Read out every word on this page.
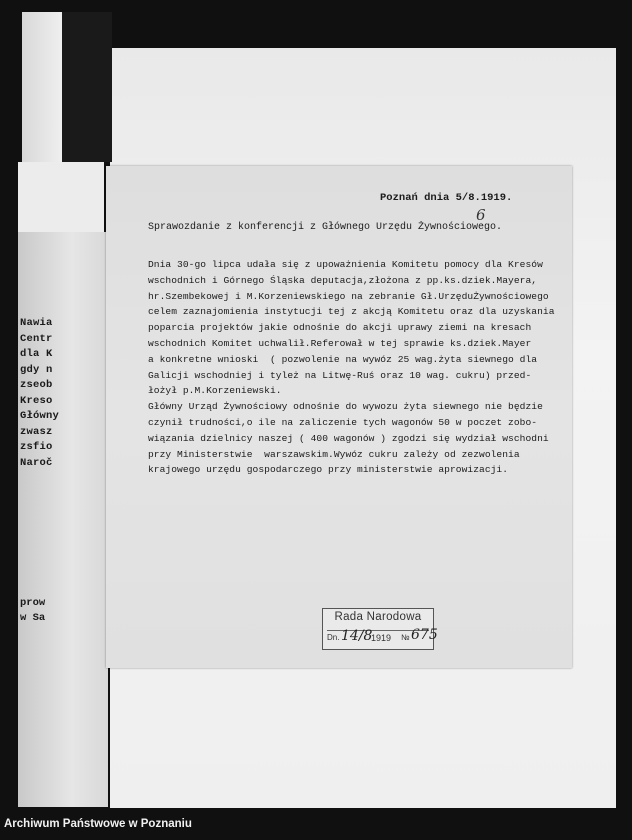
Nawia
Centr
dla K
gdy n
zseob
Kreso
Główny
zwasz
zsfio
Naroč
prow
w Sa
Poznań dnia 5/8.1919.
6
Sprawozdanie z konferencji z Głównego Urzędu Żywnościowego.
Dnia 30-go lipca udała się z upoważnienia Komitetu pomocy dla Kresów
wschodnich i Górnego Śląska deputacja,złożona z pp.ks.dziek.Mayera,
hr.Szembekowej i M.Korzeniewskiego na zebranie Gł.UrzęduŻywnościowego
celem zaznajomienia instytucji tej z akcją Komitetu oraz dla uzyskania
poparcia projektów jakie odnośnie do akcji uprawy ziemi na kresach
wschodnich Komitet uchwalił.Referował w tej sprawie ks.dziek.Mayer
a konkretne wnioski  ( pozwolenie na wywóz 25 wag.żyta siewnego dla
Galicji wschodniej i tyleż na Litwę-Ruś oraz 10 wag. cukru) przed-
łożył p.M.Korzeniewski.
Główny Urząd Żywnościowy odnośnie do wywozu żyta siewnego nie będzie
czynił trudności,o ile na zaliczenie tych wagonów 50 w poczet zobo-
wiązania dzielnicy naszej ( 400 wagonów ) zgodzi się wydział wschodni
przy Ministerstwie  warszawskim.Wywóz cukru zależy od zezwolenia
krajowego urzędu gospodarczego przy ministerstwie aprowizacji.
Rada Narodowa
Dn. 14/8
1919 № 675
Archiwum Państwowe w Poznaniu
